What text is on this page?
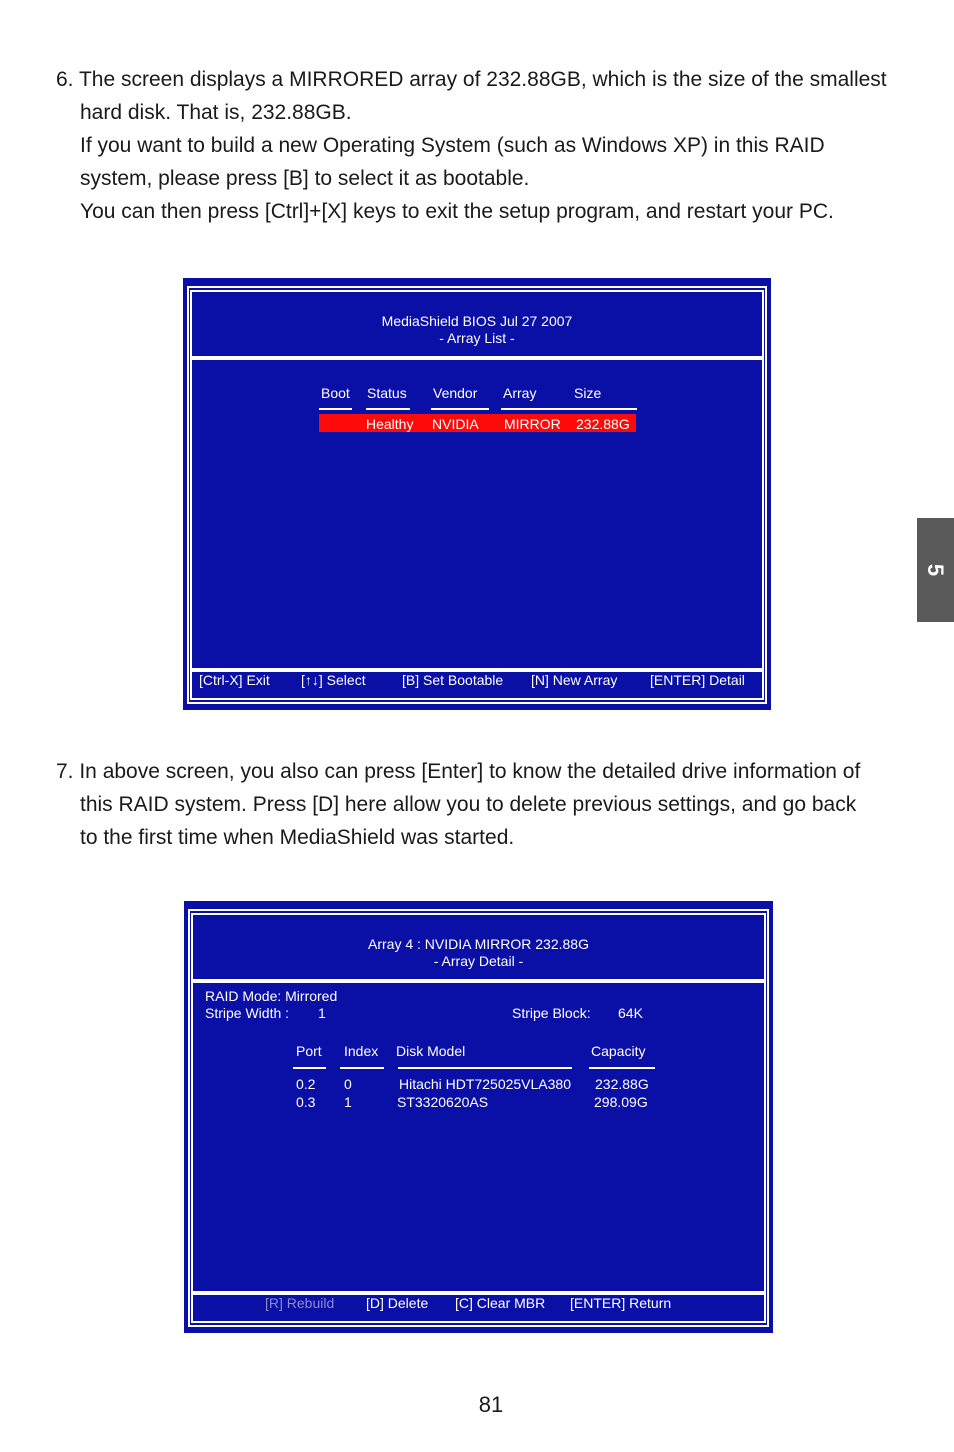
6. The screen displays a MIRRORED array of 232.88GB, which is the size of the smallest
hard disk. That is, 232.88GB.
If you want to build a new Operating System (such as Windows XP) in this RAID
system, please press [B] to select it as bootable.
You can then press [Ctrl]+[X] keys to exit the setup program, and restart your PC.
MediaShield BIOS Jul 27 2007
- Array List -
Boot Status Vendor Array	Size
Healthy NVIDIA MIRROR 232.88G
[Ctrl-X] Exit [↑↓] Select	[B] Set Bootable [N] New Array [ENTER] Detail
7. In above screen, you also can press [Enter] to know the detailed drive information of
this RAID system. Press [D] here allow you to delete previous settings, and go back
to the first time when MediaShield was started.
Array 4 : NVIDIA MIRROR 232.88G
- Array Detail -
RAID Mode: Mirrored
Stripe Width : 1	Stripe Block: 64K
Port Index Disk Model	Capacity
0.2 0	Hitachi HDT725025VLA380 232.88G
0.3 1	ST3320620AS	298.09G
[R] Rebuild [D] Delete [C] Clear MBR [ENTER] Return
5
81
